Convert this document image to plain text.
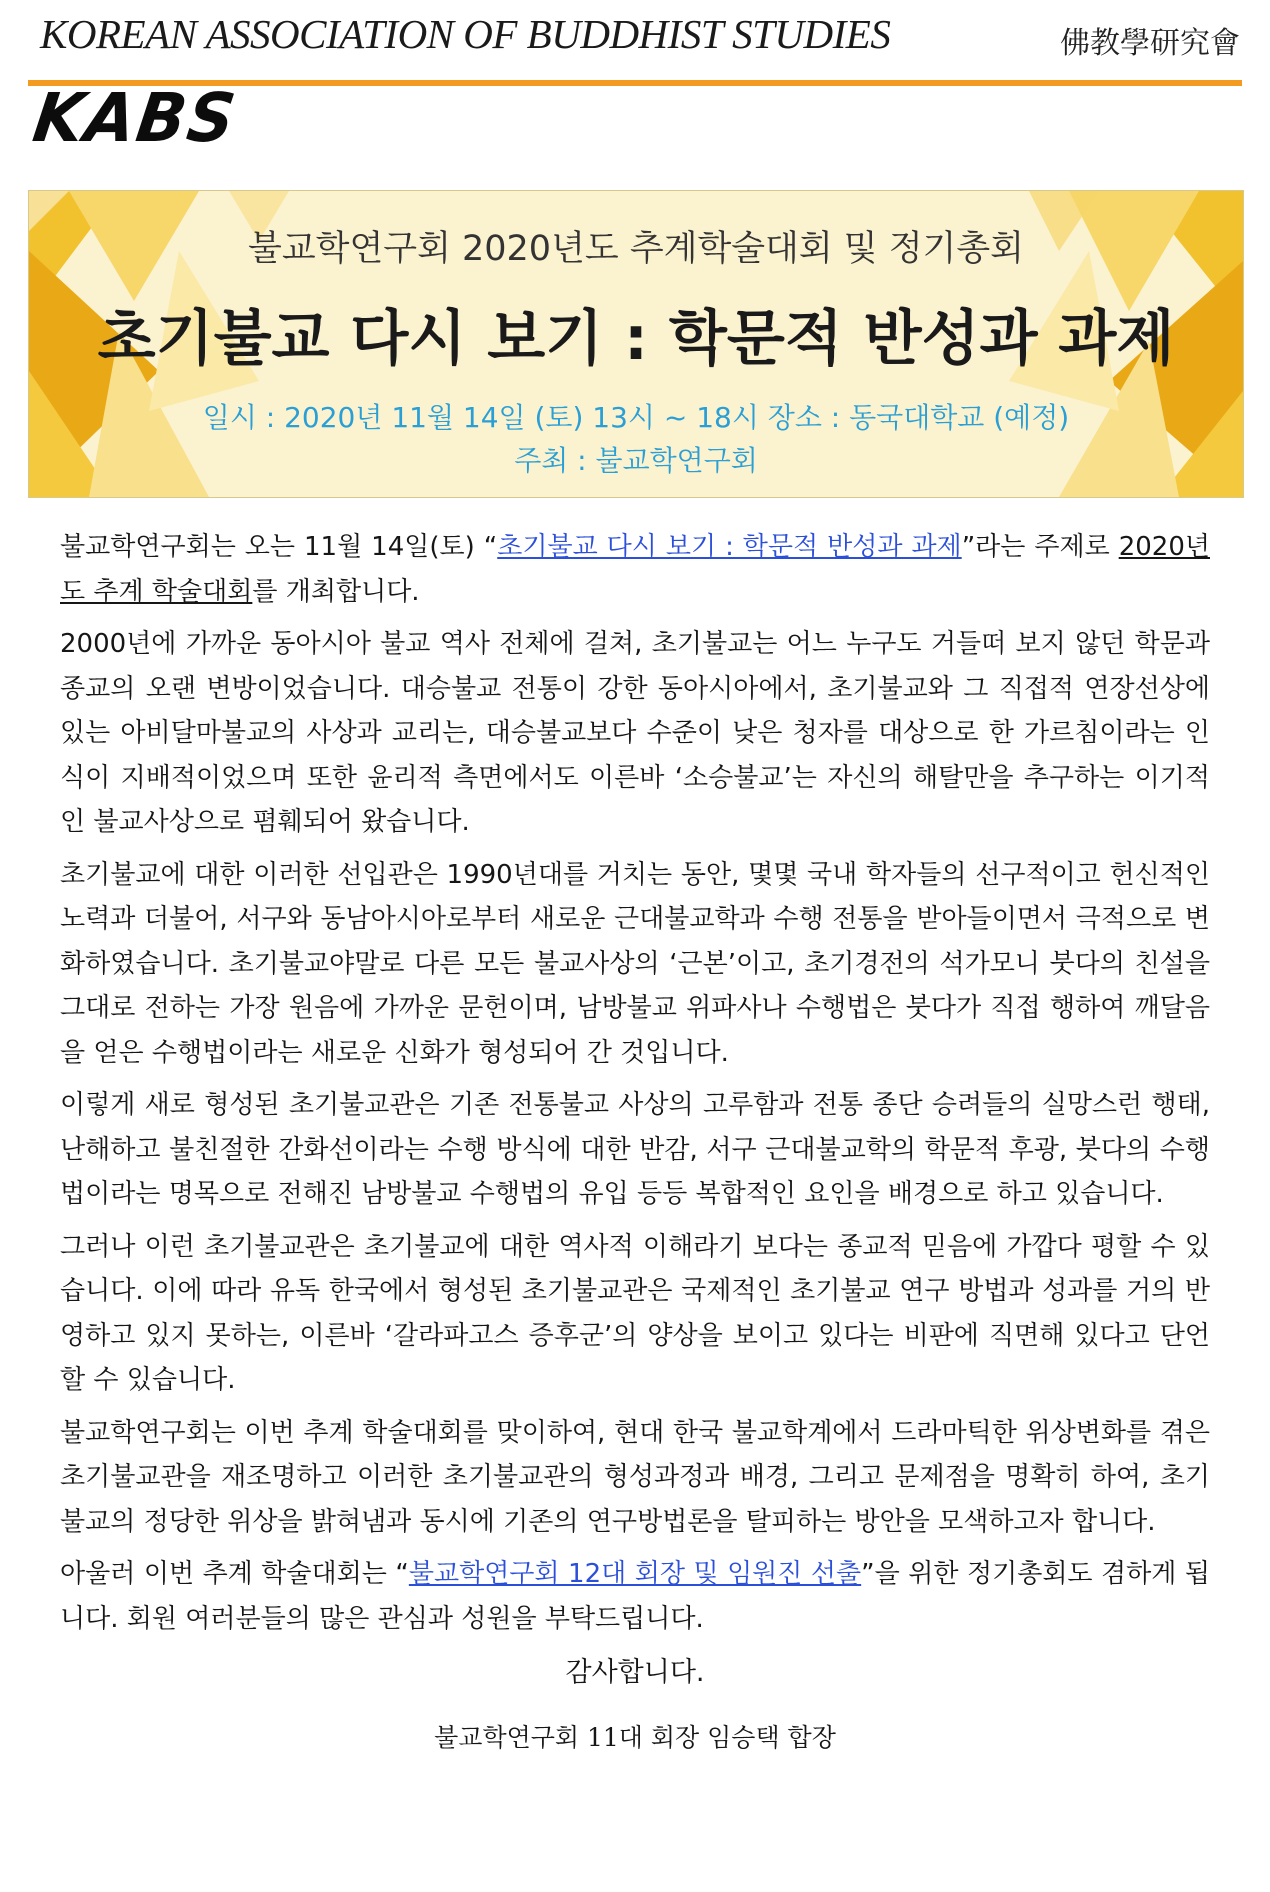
KOREAN ASSOCIATION OF BUDDHIST STUDIES	佛教學研究會
KABS
불교학연구회 2020년도 추계학술대회 및 정기총회
초기불교 다시 보기 : 학문적 반성과 과제
일시 : 2020년 11월 14일 (토) 13시 ~ 18시 장소 : 동국대학교 (예정)
주최 : 불교학연구회

불교학연구회는 오는 11월 14일(토) “초기불교 다시 보기 : 학문적 반성과 과제”라는 주제로 2020년도 추계 학술대회를 개최합니다.

2000년에 가까운 동아시아 불교 역사 전체에 걸쳐, 초기불교는 어느 누구도 거들떠 보지 않던 학문과 종교의 오랜 변방이었습니다. 대승불교 전통이 강한 동아시아에서, 초기불교와 그 직접적 연장선상에 있는 아비달마불교의 사상과 교리는, 대승불교보다 수준이 낮은 청자를 대상으로 한 가르침이라는 인식이 지배적이었으며 또한 윤리적 측면에서도 이른바 ‘소승불교’는 자신의 해탈만을 추구하는 이기적인 불교사상으로 폄훼되어 왔습니다.

초기불교에 대한 이러한 선입관은 1990년대를 거치는 동안, 몇몇 국내 학자들의 선구적이고 헌신적인 노력과 더불어, 서구와 동남아시아로부터 새로운 근대불교학과 수행 전통을 받아들이면서 극적으로 변화하였습니다. 초기불교야말로 다른 모든 불교사상의 ‘근본’이고, 초기경전의 석가모니 붓다의 친설을 그대로 전하는 가장 원음에 가까운 문헌이며, 남방불교 위파사나 수행법은 붓다가 직접 행하여 깨달음을 얻은 수행법이라는 새로운 신화가 형성되어 간 것입니다.

이렇게 새로 형성된 초기불교관은 기존 전통불교 사상의 고루함과 전통 종단 승려들의 실망스런 행태, 난해하고 불친절한 간화선이라는 수행 방식에 대한 반감, 서구 근대불교학의 학문적 후광, 붓다의 수행법이라는 명목으로 전해진 남방불교 수행법의 유입 등등 복합적인 요인을 배경으로 하고 있습니다.

그러나 이런 초기불교관은 초기불교에 대한 역사적 이해라기 보다는 종교적 믿음에 가깝다 평할 수 있습니다. 이에 따라 유독 한국에서 형성된 초기불교관은 국제적인 초기불교 연구 방법과 성과를 거의 반영하고 있지 못하는, 이른바 ‘갈라파고스 증후군’의 양상을 보이고 있다는 비판에 직면해 있다고 단언할 수 있습니다.

불교학연구회는 이번 추계 학술대회를 맞이하여, 현대 한국 불교학계에서 드라마틱한 위상변화를 겪은 초기불교관을 재조명하고 이러한 초기불교관의 형성과정과 배경, 그리고 문제점을 명확히 하여, 초기불교의 정당한 위상을 밝혀냄과 동시에 기존의 연구방법론을 탈피하는 방안을 모색하고자 합니다.

아울러 이번 추계 학술대회는 “불교학연구회 12대 회장 및 임원진 선출”을 위한 정기총회도 겸하게 됩니다. 회원 여러분들의 많은 관심과 성원을 부탁드립니다.

감사합니다.

불교학연구회 11대 회장 임승택 합장
